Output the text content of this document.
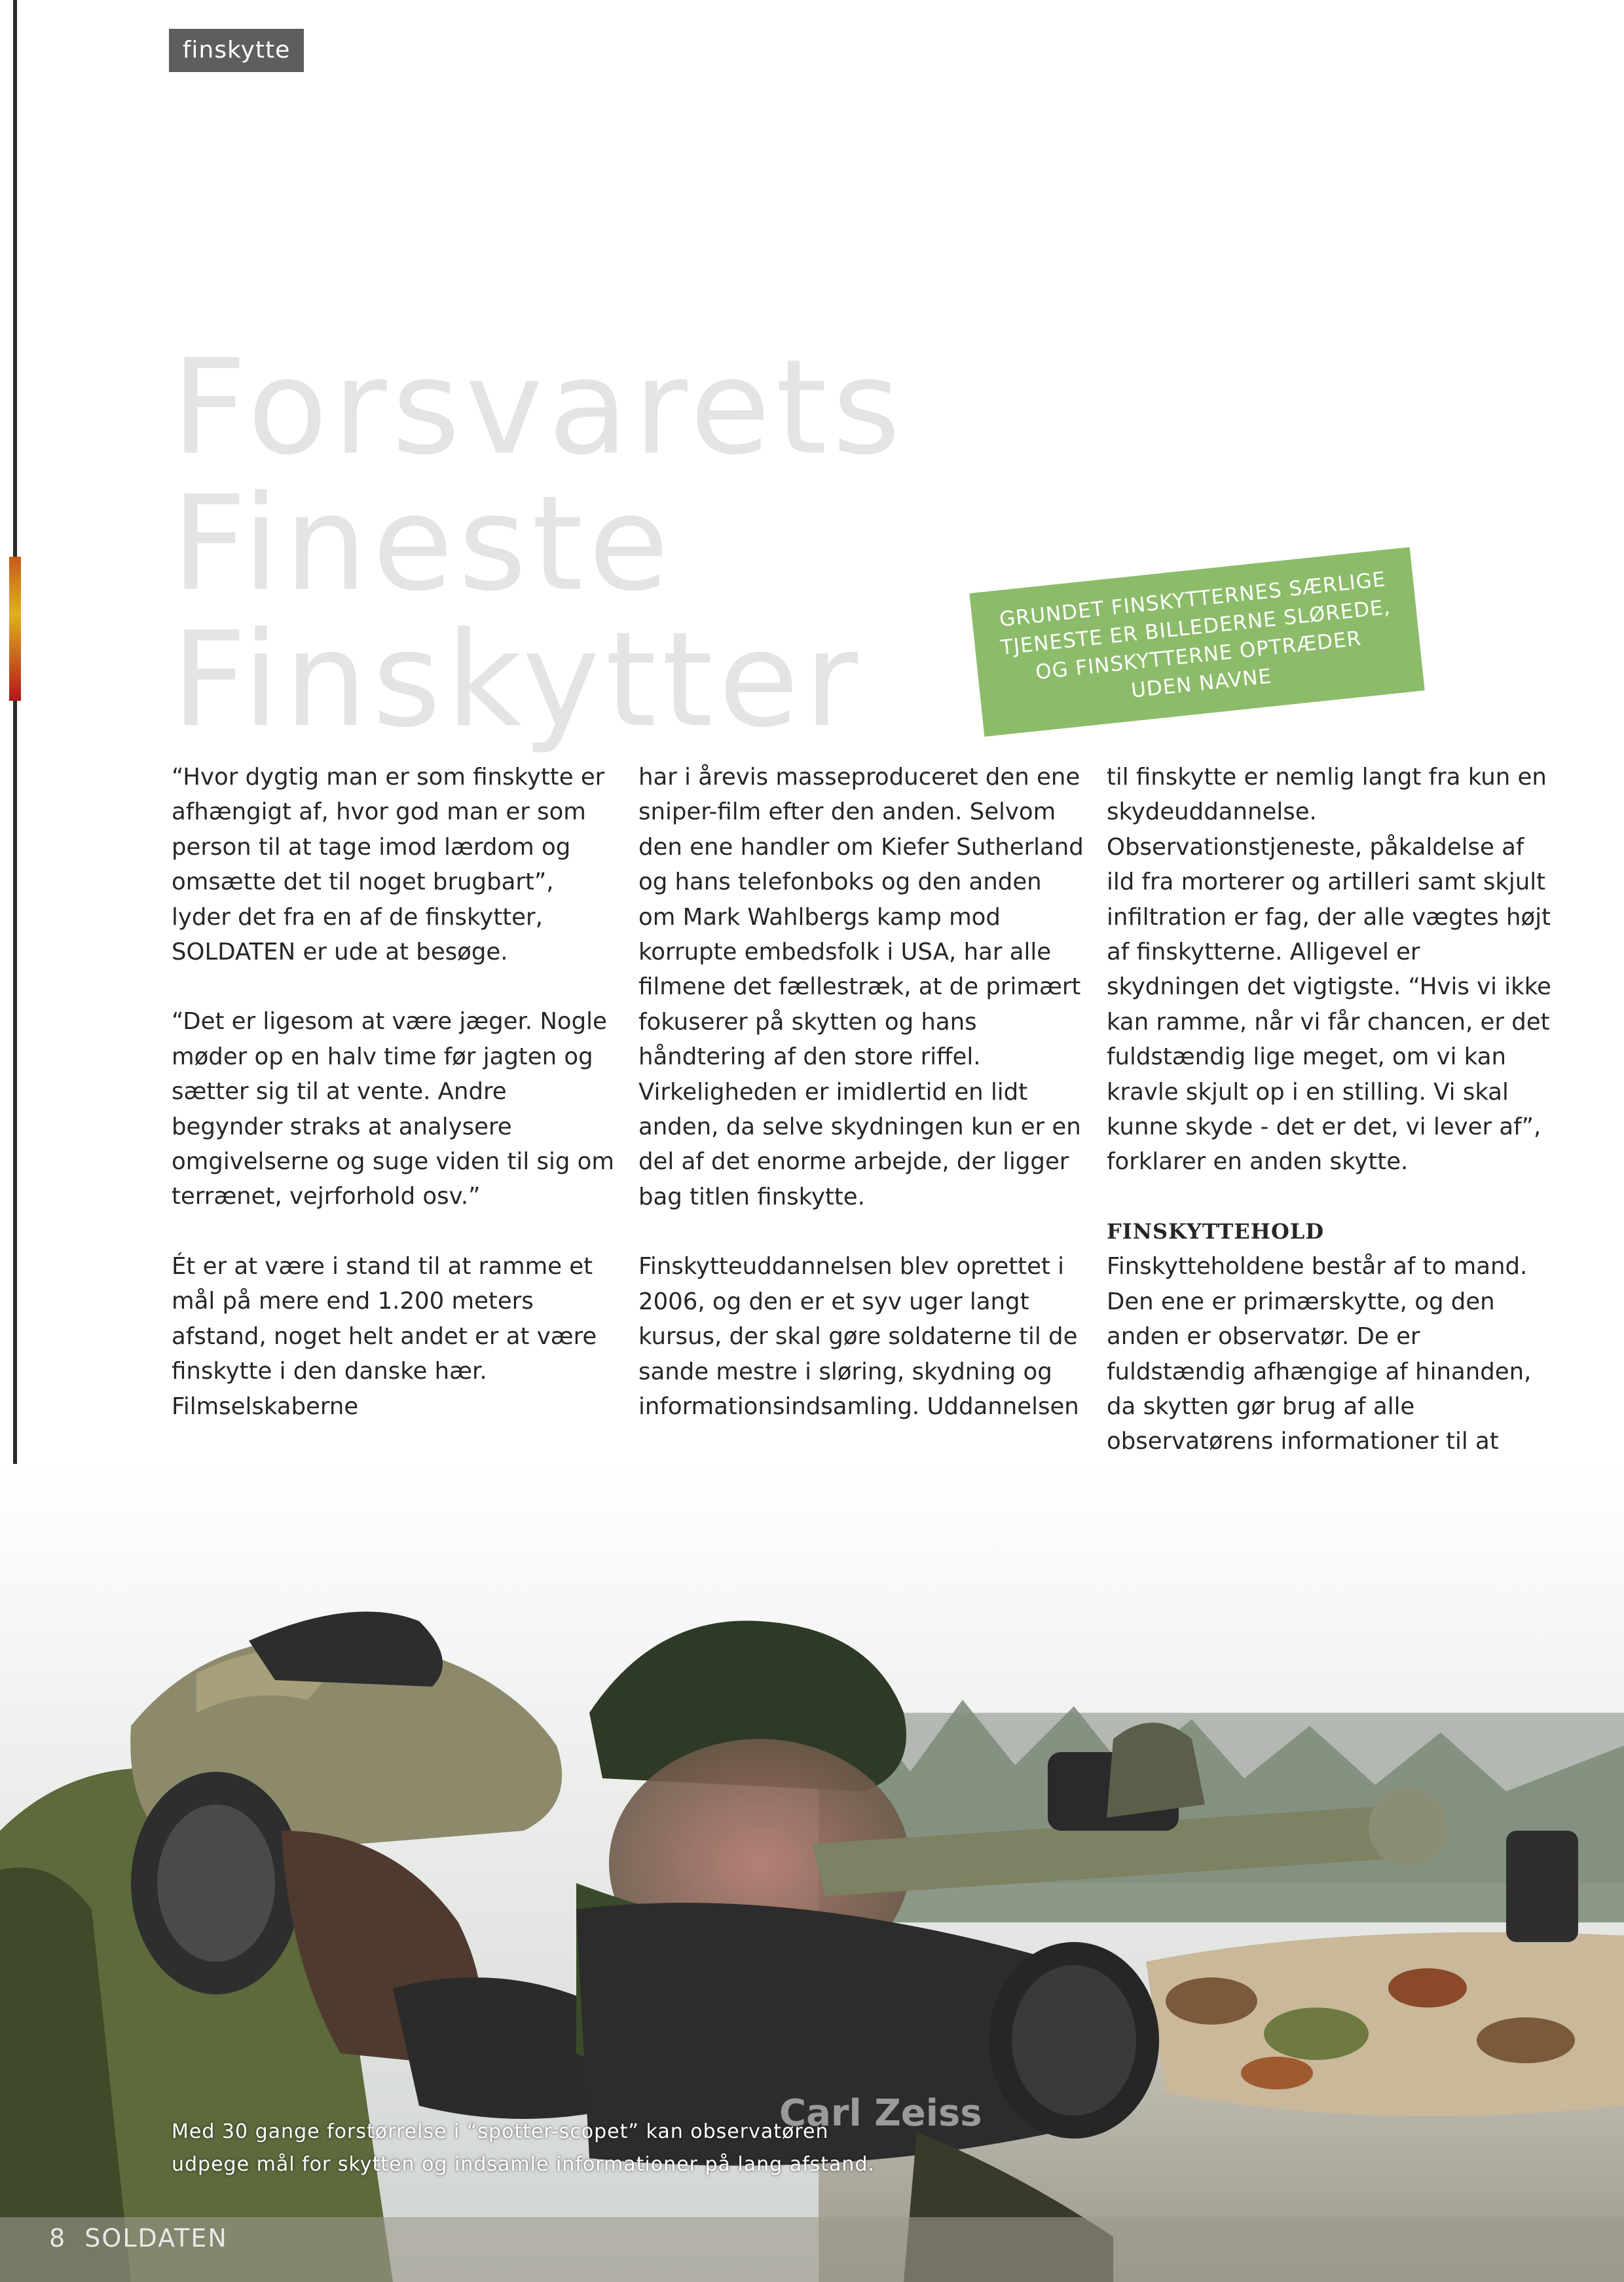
finskytte
Forsvarets
Fineste
Finskytter

GRUNDET FINSKYTTERNES SÆRLIGE TJENESTE ER BILLEDERNE SLØREDE, OG FINSKYTTERNE OPTRÆDER UDEN NAVNE

“Hvor dygtig man er som finskytte er afhængigt af, hvor god man er som person til at tage imod lærdom og omsætte det til noget brugbart”, lyder det fra en af de finskytter, SOLDATEN er ude at besøge.

“Det er ligesom at være jæger. Nogle møder op en halv time før jagten og sætter sig til at vente. Andre begynder straks at analysere omgivelserne og suge viden til sig om terrænet, vejrforhold osv.”

Ét er at være i stand til at ramme et mål på mere end 1.200 meters afstand, noget helt andet er at være finskytte i den danske hær. Filmselskaberne

har i årevis masseproduceret den ene sniper-film efter den anden. Selvom den ene handler om Kiefer Sutherland og hans telefonboks og den anden om Mark Wahlbergs kamp mod korrupte embedsfolk i USA, har alle filmene det fællestræk, at de primært fokuserer på skytten og hans håndtering af den store riffel. Virkeligheden er imidlertid en lidt anden, da selve skydningen kun er en del af det enorme arbejde, der ligger bag titlen finskytte.

Finskytteuddannelsen blev oprettet i 2006, og den er et syv uger langt kursus, der skal gøre soldaterne til de sande mestre i sløring, skydning og informationsindsamling. Uddannelsen

til finskytte er nemlig langt fra kun en skydeuddannelse. Observationstjeneste, påkaldelse af ild fra morterer og artilleri samt skjult infiltration er fag, der alle vægtes højt af finskytterne. Alligevel er skydningen det vigtigste. “Hvis vi ikke kan ramme, når vi får chancen, er det fuldstændig lige meget, om vi kan kravle skjult op i en stilling. Vi skal kunne skyde - det er det, vi lever af”, forklarer en anden skytte.

FINSKYTTEHOLD

Finskytteholdene består af to mand. Den ene er primærskytte, og den anden er observatør. De er fuldstændig afhængige af hinanden, da skytten gør brug af alle observatørens informationer til at

Carl Zeiss
Med 30 gange forstørrelse i “spotter-scopet” kan observatøren udpege mål for skytten og indsamle informationer på lang afstand.
8 SOLDATEN
